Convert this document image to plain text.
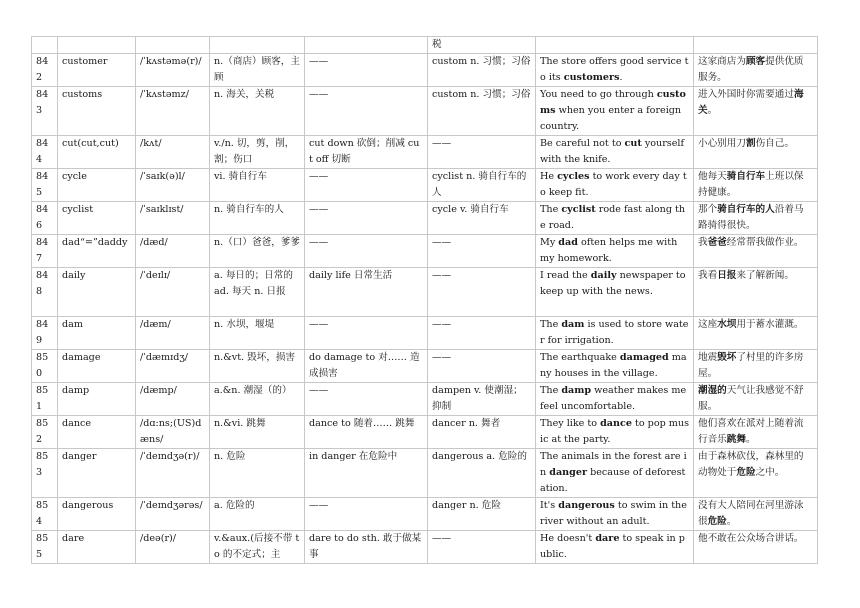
					税		
842	customer	/ˈkʌstəmə(r)/	n.（商店）顾客，主顾	——	custom n. 习惯；习俗	The store offers good service to its customers.	这家商店为顾客提供优质服务。
843	customs	/ˈkʌstəmz/	n. 海关，关税	——	custom n. 习惯；习俗	You need to go through customs when you enter a foreign country.	进入外国时你需要通过海关。
844	cut(cut,cut)	/kʌt/	v./n. 切，剪，削，割；伤口	cut down 砍倒；削减 cut off 切断	——	Be careful not to cut yourself with the knife.	小心别用刀割伤自己。
845	cycle	/ˈsaɪk(ə)l/	vi. 骑自行车	——	cyclist n. 骑自行车的人	He cycles to work every day to keep fit.	他每天骑自行车上班以保持健康。
846	cyclist	/ˈsaɪklɪst/	n. 骑自行车的人	——	cycle v. 骑自行车	The cyclist rode fast along the road.	那个骑自行车的人沿着马路骑得很快。
847	dad“=”daddy	/dæd/	n.（口）爸爸，爹爹	——	——	My dad often helps me with my homework.	我爸爸经常帮我做作业。
848	daily	/ˈdeɪlɪ/	a. 每日的；日常的 ad. 每天 n. 日报	daily life 日常生活	——	I read the daily newspaper to keep up with the news.	我看日报来了解新闻。
849	dam	/dæm/	n. 水坝，堰堤	——	——	The dam is used to store water for irrigation.	这座水坝用于蓄水灌溉。
850	damage	/ˈdæmɪdʒ/	n.&vt. 毁坏，损害	do damage to 对…… 造成损害	——	The earthquake damaged many houses in the village.	地震毁坏了村里的许多房屋。
851	damp	/dæmp/	a.&n. 潮湿（的）	——	dampen v. 使潮湿；抑制	The damp weather makes me feel uncomfortable.	潮湿的天气让我感觉不舒服。
852	dance	/dɑ:ns;(US)dæns/	n.&vi. 跳舞	dance to 随着…… 跳舞	dancer n. 舞者	They like to dance to pop music at the party.	他们喜欢在派对上随着流行音乐跳舞。
853	danger	/ˈdeɪndʒə(r)/	n. 危险	in danger 在危险中	dangerous a. 危险的	The animals in the forest are in danger because of deforestation.	由于森林砍伐，森林里的动物处于危险之中。
854	dangerous	/ˈdeɪndʒərəs/	a. 危险的	——	danger n. 危险	It's dangerous to swim in the river without an adult.	没有大人陪同在河里游泳很危险。
855	dare	/deə(r)/	v.&aux.(后接不带 to 的不定式；主	dare to do sth. 敢于做某事	——	He doesn't dare to speak in public.	他不敢在公众场合讲话。
